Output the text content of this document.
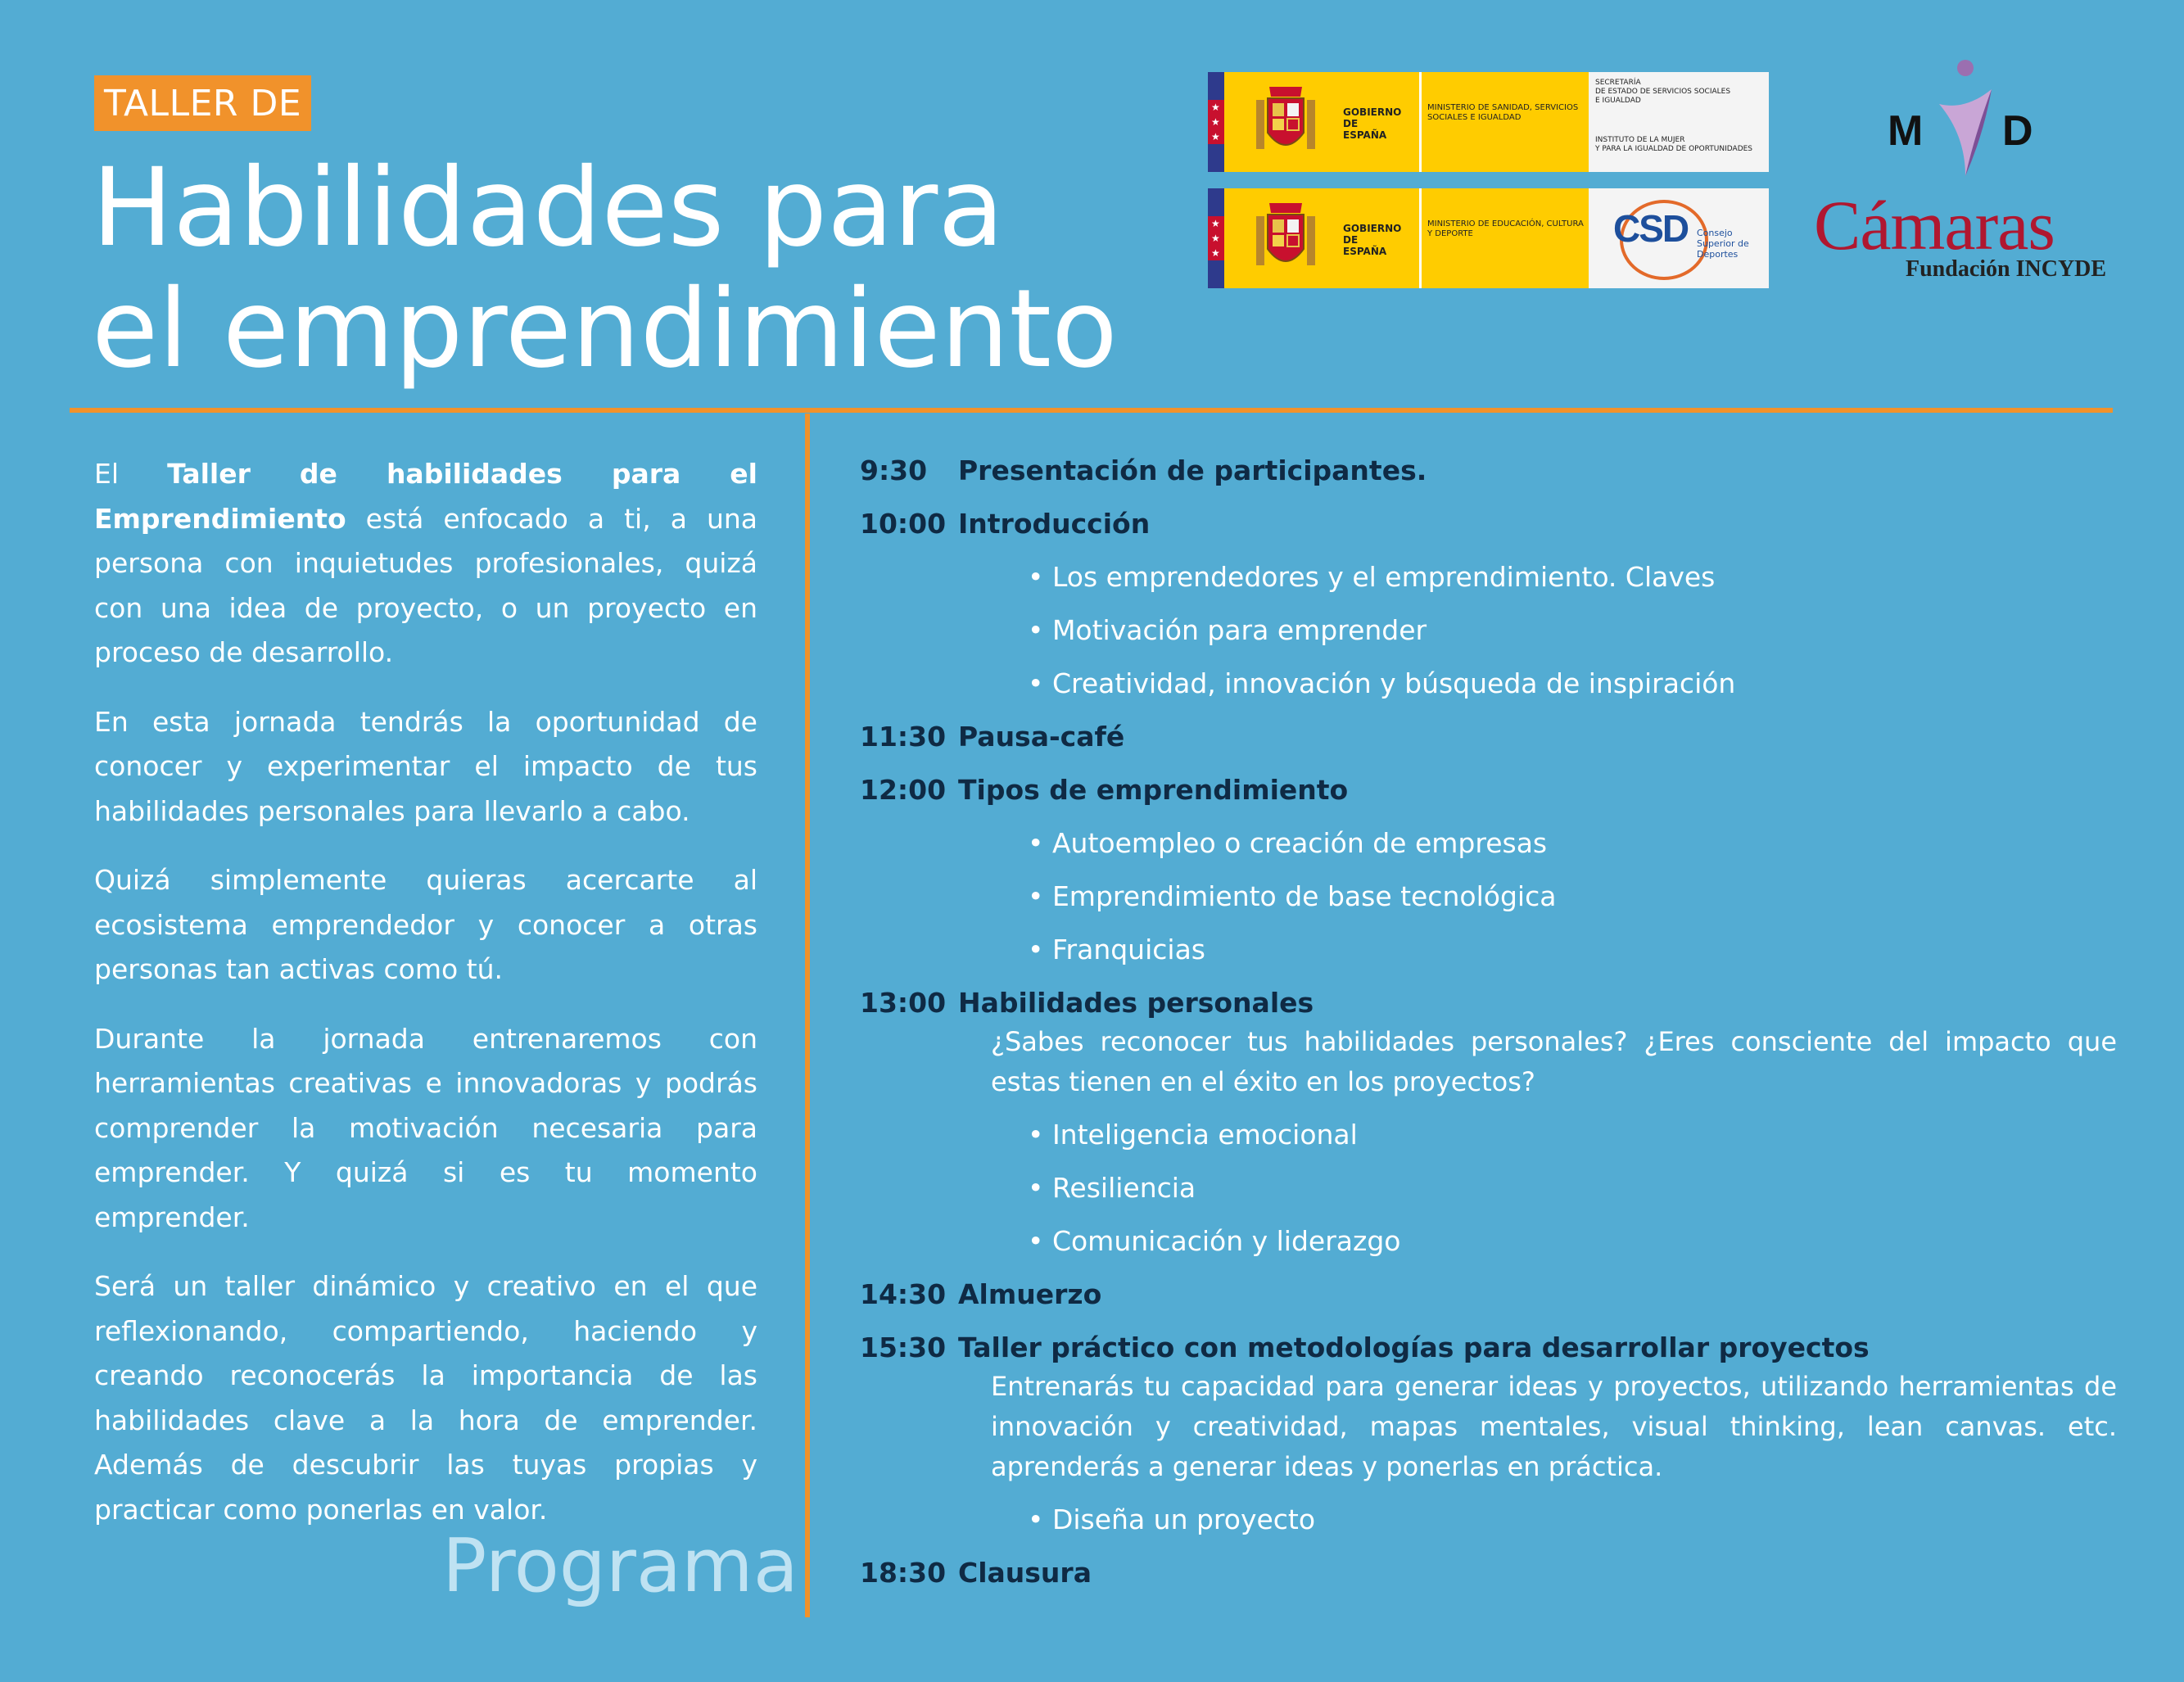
TALLER DE
Habilidades para
el emprendimiento
★
★
★
GOBIERNO DE ESPAÑA
MINISTERIO DE SANIDAD, SERVICIOS SOCIALES E IGUALDAD
SECRETARÍA
DE ESTADO DE SERVICIOS SOCIALES
E IGUALDAD
INSTITUTO DE LA MUJER
Y PARA LA IGUALDAD DE OPORTUNIDADES
★
★
★
GOBIERNO DE ESPAÑA
MINISTERIO DE EDUCACIÓN, CULTURA Y DEPORTE	CSD Consejo
Superior de
Deportes
M D
Cámaras
Fundación INCYDE

El Taller de habilidades para el Emprendimiento está enfocado a ti, a una persona con inquietudes profesionales, quizá con una idea de proyecto, o un proyecto en proceso de desarrollo.

En esta jornada tendrás la oportunidad de conocer y experimentar el impacto de tus habilidades personales para llevarlo a cabo.

Quizá simplemente quieras acercarte al ecosistema emprendedor y conocer a otras personas tan activas como tú.

Durante la jornada entrenaremos con herramientas creativas e innovadoras y podrás comprender la motivación necesaria para emprender. Y quizá si es tu momento emprender.

Será un taller dinámico y creativo en el que reflexionando, compartiendo, haciendo y creando reconocerás la importancia de las habilidades clave a la hora de emprender. Además de descubrir las tuyas propias y practicar como ponerlas en valor.

Programa
9:30	Presentación de participantes.
10:00 Introducción
• Los emprendedores y el emprendimiento. Claves
• Motivación para emprender
• Creatividad, innovación y búsqueda de inspiración
11:30 Pausa-café
12:00 Tipos de emprendimiento
• Autoempleo o creación de empresas
• Emprendimiento de base tecnológica
• Franquicias
13:00 Habilidades personales
¿Sabes reconocer tus habilidades personales? ¿Eres consciente del impacto que estas tienen en el éxito en los proyectos?
• Inteligencia emocional
• Resiliencia
• Comunicación y liderazgo
14:30 Almuerzo
15:30 Taller práctico con metodologías para desarrollar proyectos
Entrenarás tu capacidad para generar ideas y proyectos, utilizando herramientas de innovación y creatividad, mapas mentales, visual thinking, lean canvas. etc. aprenderás a generar ideas y ponerlas en práctica.
• Diseña un proyecto
18:30 Clausura
